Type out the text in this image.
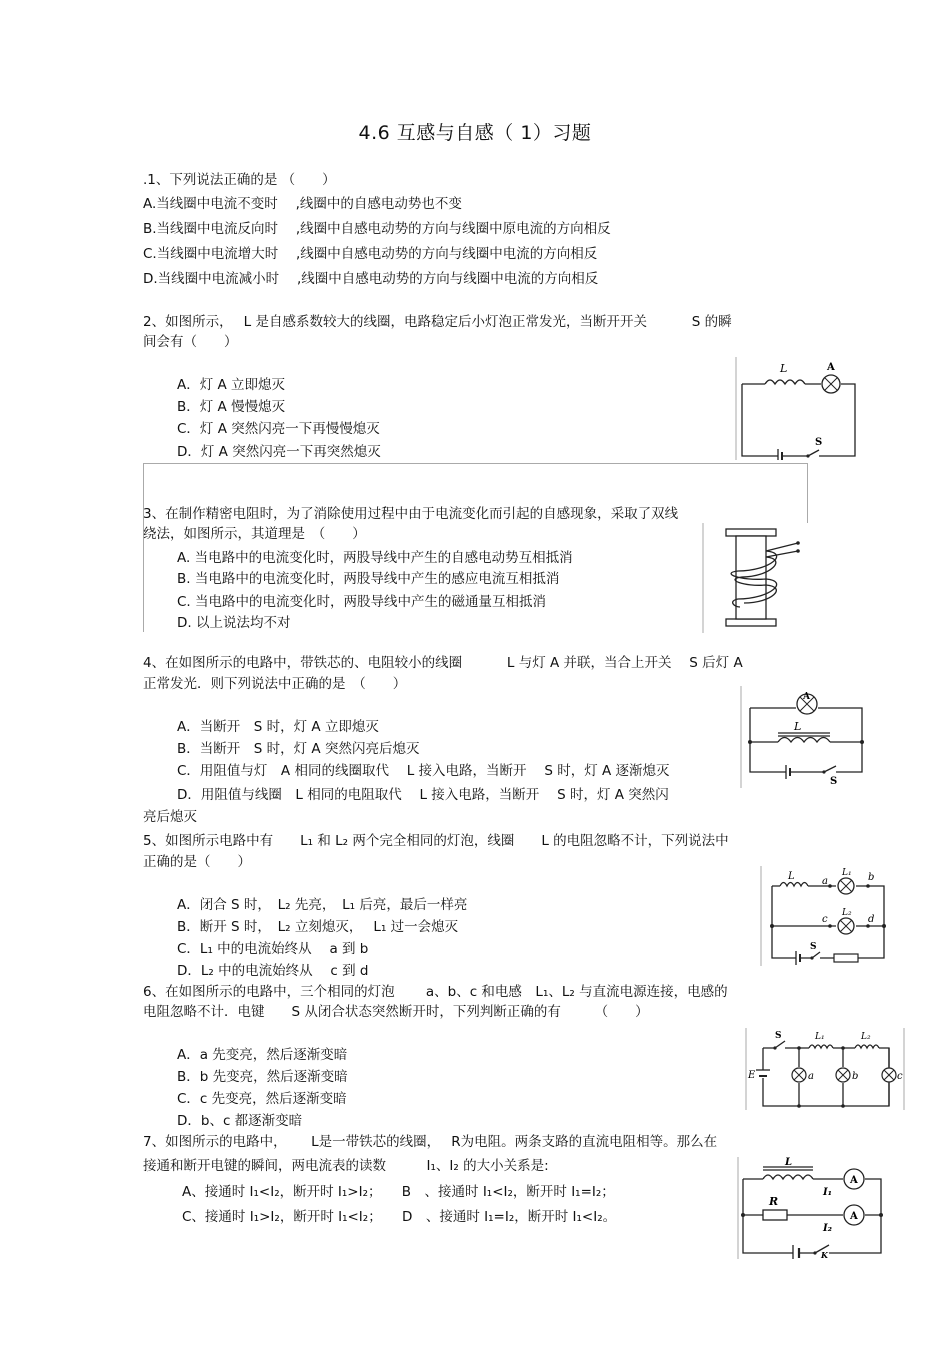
4.6 互感与自感（ 1）习题
.1、下列说法正确的是 （　　）
A.当线圈中电流不变时　 ,线圈中的自感电动势也不变
B.当线圈中电流反向时　 ,线圈中自感电动势的方向与线圈中原电流的方向相反
C.当线圈中电流增大时　 ,线圈中自感电动势的方向与线圈中电流的方向相反
D.当线圈中电流减小时　 ,线圈中自感电动势的方向与线圈中电流的方向相反
2、如图所示，　 L 是自感系数较大的线圈，电路稳定后小灯泡正常发光，当断开开关　　　 S 的瞬
间会有（　　）
A．灯 A 立即熄灭
B．灯 A 慢慢熄灭
C．灯 A 突然闪亮一下再慢慢熄灭
D．灯 A 突然闪亮一下再突然熄灭
L	A
S
3、在制作精密电阻时，为了消除使用过程中由于电流变化而引起的自感现象，采取了双线
绕法，如图所示，其道理是　（　　）
A. 当电路中的电流变化时，两股导线中产生的自感电动势互相抵消
B. 当电路中的电流变化时，两股导线中产生的感应电流互相抵消
C. 当电路中的电流变化时，两股导线中产生的磁通量互相抵消
D. 以上说法均不对
4、在如图所示的电路中，带铁芯的、电阻较小的线圈　　　 L 与灯 A 并联，当合上开关　 S 后灯 A
正常发光．则下列说法中正确的是　（　　）
A．当断开　S 时，灯 A 立即熄灭
B．当断开　S 时，灯 A 突然闪亮后熄灭
C．用阻值与灯　A 相同的线圈取代　 L 接入电路，当断开　 S 时，灯 A 逐渐熄灭
D．用阻值与线圈　L 相同的电阻取代　 L 接入电路，当断开　 S 时，灯 A 突然闪
亮后熄灭
A
L
S
5、如图所示电路中有　　L₁ 和 L₂ 两个完全相同的灯泡，线圈　　L 的电阻忽略不计，下列说法中
正确的是（　　）
A．闭合 S 时，　L₂ 先亮，　L₁ 后亮，最后一样亮
B．断开 S 时，　L₂ 立刻熄灭，　 L₁ 过一会熄灭
C．L₁ 中的电流始终从　 a 到 b
D．L₂ 中的电流始终从　 c 到 d
L	L₁
L₂
a	b
c	d
S
6、在如图所示的电路中，三个相同的灯泡　　 a、b、c 和电感　L₁、L₂ 与直流电源连接，电感的
电阻忽略不计．电键　　S 从闭合状态突然断开时，下列判断正确的有　　　（　　）
A．a 先变亮，然后逐渐变暗
B．b 先变亮，然后逐渐变暗
C．c 先变亮，然后逐渐变暗
D．b、c 都逐渐变暗
S	L₁	L₂
E	a	b	c
7、如图所示的电路中，　　 L是一带铁芯的线圈，　 R为电阻。两条支路的直流电阻相等。那么在
接通和断开电键的瞬间，两电流表的读数　　　I₁、I₂ 的大小关系是:
A、接通时 I₁<I₂，断开时 I₁>I₂；　　B　、接通时 I₁<I₂，断开时 I₁=I₂；
C、接通时 I₁>I₂，断开时 I₁<I₂；　　D　、接通时 I₁=I₂，断开时 I₁<I₂。
A
A
L
R
I₁
I₂
K
